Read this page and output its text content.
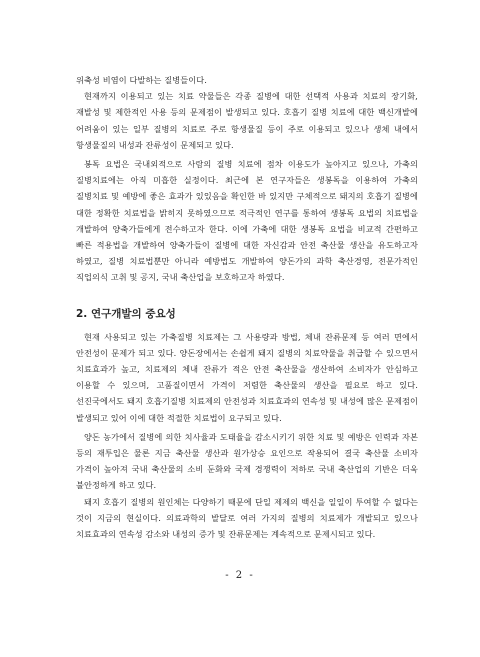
위축성 비염이 다발하는 질병들이다.

현재까지 이용되고 있는 치료 약물들은 각종 질병에 대한 선택적 사용과 치료의 장기화, 재발성 및 제한적인 사용 등의 문제점이 발생되고 있다. 호흡기 질병 치료에 대한 백신개발에 어려움이 있는 일부 질병의 치료로 주로 항생물질 등이 주로 이용되고 있으나 생체 내에서 항생물질의 내성과 잔류성이 문제되고 있다.

봉독 요법은 국내외적으로 사람의 질병 치료에 점차 이용도가 높아지고 있으나, 가축의 질병치료에는 아직 미흡한 실정이다. 최근에 본 연구자들은 생봉독을 이용하여 가축의 질병치료 및 예방에 좋은 효과가 있있음을 확인한 바 있지만 구체적으로 돼지의 호흡기 질병에 대한 정확한 치료법을 밝히지 못하였으므로 적극적인 연구를 통하여 생봉독 요법의 치료법을 개발하여 양축가들에게 전수하고자 한다. 이에 가축에 대한 생봉독 요법을 비교적 간편하고 빠른 적용법을 개발하여 양축가들이 질병에 대한 자신감과 안전 축산물 생산을 유도하고자 하였고, 질병 치료법뿐만 아니라 예방법도 개발하여 양돈가의 과학 축산경영, 전문가적인 직업의식 고취 및 공지, 국내 축산업을 보호하고자 하였다.

2. 연구개발의 중요성

현재 사용되고 있는 가축질병 치료제는 그 사용량과 방법, 체내 잔류문제 등 여러 면에서 안전성이 문제가 되고 있다. 양돈장에서는 손쉽게 돼지 질병의 치료약물을 취급할 수 있으면서 치료효과가 높고, 치료제의 체내 잔류가 적은 안전 축산물을 생산하여 소비자가 안심하고 이용할 수 있으며, 고품질이면서 가격이 저렴한 축산물의 생산을 필요로 하고 있다. 선진국에서도 돼지 호흡기질병 치료제의 안전성과 치료효과의 연속성 및 내성에 많은 문제점이 발생되고 있어 이에 대한 적절한 치료법이 요구되고 있다.

양돈 농가에서 질병에 의한 치사율과 도태율을 감소시키기 위한 치료 및 예방은 인력과 자본 등의 재투입은 물론 지금 축산물 생산과 원가상승 요인으로 작용되어 결국 축산물 소비자 가격이 높아져 국내 축산물의 소비 둔화와 국제 경쟁력이 저하로 국내 축산업의 기반은 더욱 불안정하게 하고 있다.

돼지 호흡기 질병의 원인체는 다양하기 때문에 단일 제제의 백신을 일일이 투여할 수 없다는 것이 지금의 현실이다. 의료과학의 발달로 여러 가지의 질병의 치료제가 개발되고 있으나 치료효과의 연속성 감소와 내성의 증가 및 잔류문제는 계속적으로 문제시되고 있다.

- 2 -
